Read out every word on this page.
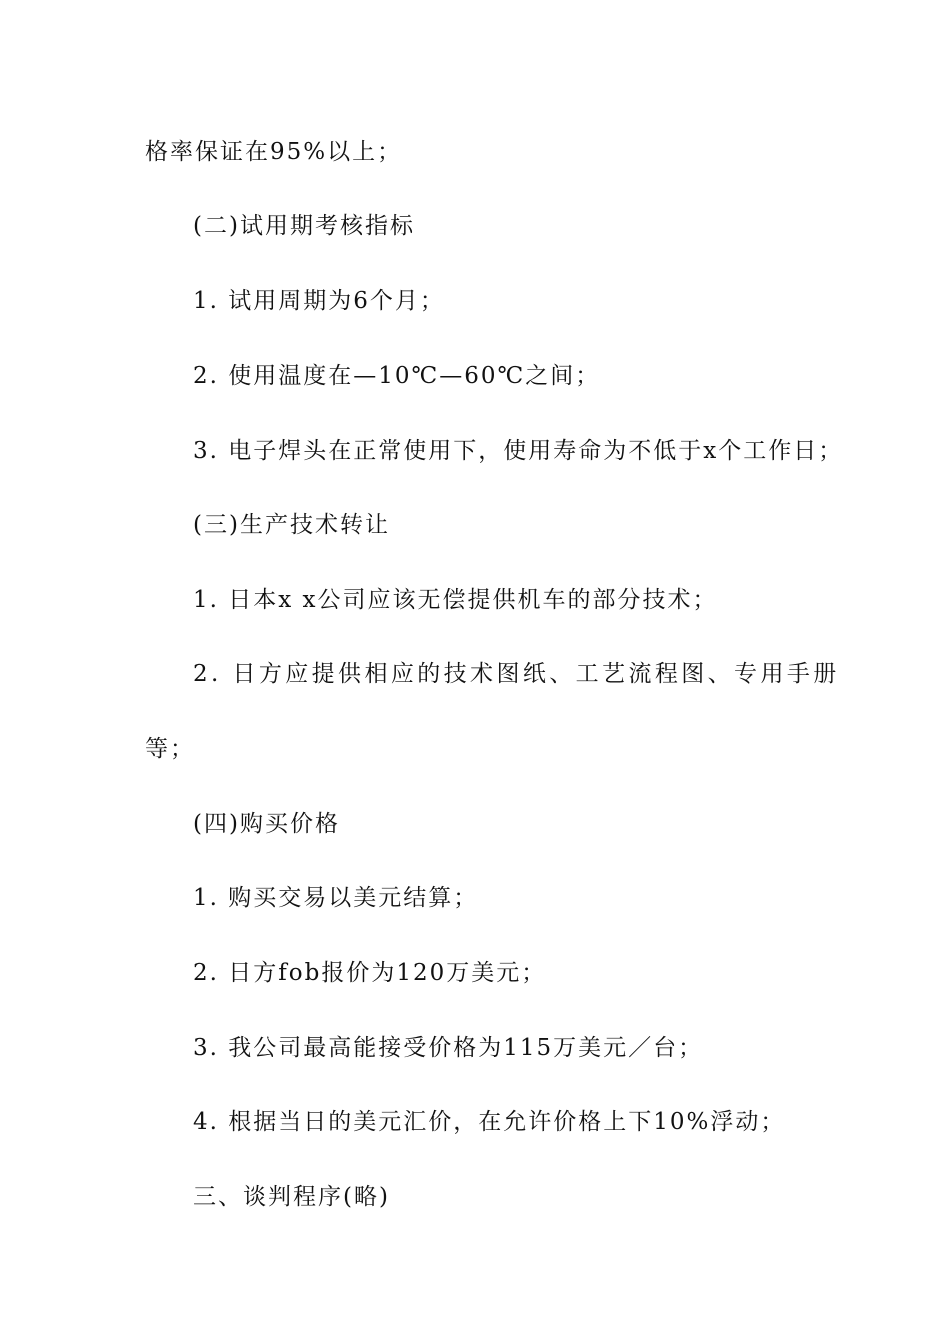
格率保证在95%以上；
(二)试用期考核指标
1. 试用周期为6个月；
2. 使用温度在—10℃—60℃之间；
3. 电子焊头在正常使用下，使用寿命为不低于x个工作日；
(三)生产技术转让
1. 日本x x公司应该无偿提供机车的部分技术；
2. 日方应提供相应的技术图纸、工艺流程图、专用手册
等；
(四)购买价格
1. 购买交易以美元结算；
2. 日方fob报价为120万美元；
3. 我公司最高能接受价格为115万美元／台；
4. 根据当日的美元汇价，在允许价格上下10%浮动；
三、谈判程序(略)
